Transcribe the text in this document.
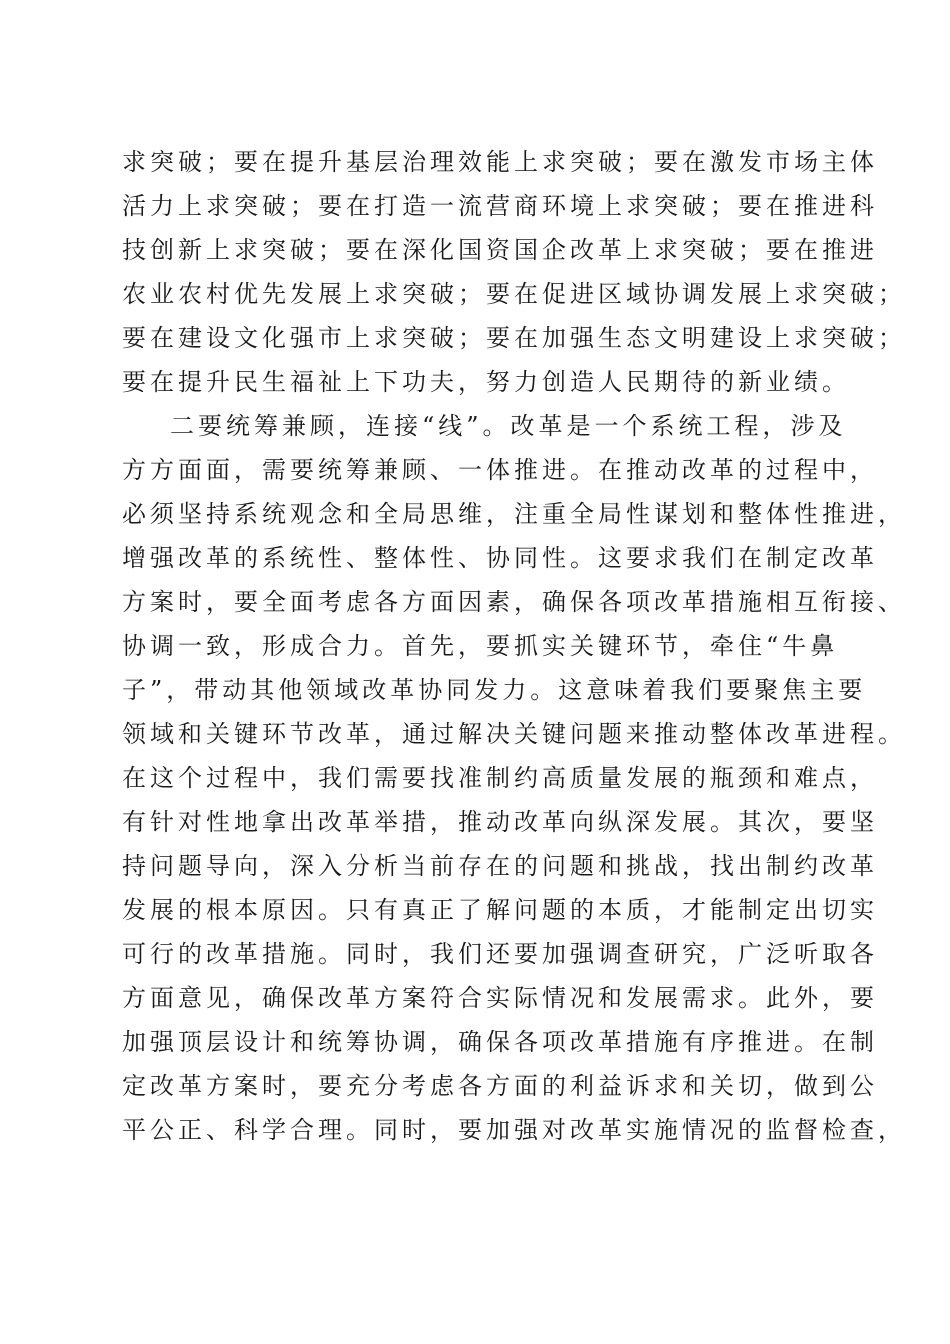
求突破；要在提升基层治理效能上求突破；要在激发市场主体
活力上求突破；要在打造一流营商环境上求突破；要在推进科
技创新上求突破；要在深化国资国企改革上求突破；要在推进
农业农村优先发展上求突破；要在促进区域协调发展上求突破；
要在建设文化强市上求突破；要在加强生态文明建设上求突破；
要在提升民生福祉上下功夫，努力创造人民期待的新业绩。
二要统筹兼顾，连接“线”。改革是一个系统工程，涉及
方方面面，需要统筹兼顾、一体推进。在推动改革的过程中，
必须坚持系统观念和全局思维，注重全局性谋划和整体性推进，
增强改革的系统性、整体性、协同性。这要求我们在制定改革
方案时，要全面考虑各方面因素，确保各项改革措施相互衔接、
协调一致，形成合力。首先，要抓实关键环节，牵住“牛鼻
子”，带动其他领域改革协同发力。这意味着我们要聚焦主要
领域和关键环节改革，通过解决关键问题来推动整体改革进程。
在这个过程中，我们需要找准制约高质量发展的瓶颈和难点，
有针对性地拿出改革举措，推动改革向纵深发展。其次，要坚
持问题导向，深入分析当前存在的问题和挑战，找出制约改革
发展的根本原因。只有真正了解问题的本质，才能制定出切实
可行的改革措施。同时，我们还要加强调查研究，广泛听取各
方面意见，确保改革方案符合实际情况和发展需求。此外，要
加强顶层设计和统筹协调，确保各项改革措施有序推进。在制
定改革方案时，要充分考虑各方面的利益诉求和关切，做到公
平公正、科学合理。同时，要加强对改革实施情况的监督检查，
